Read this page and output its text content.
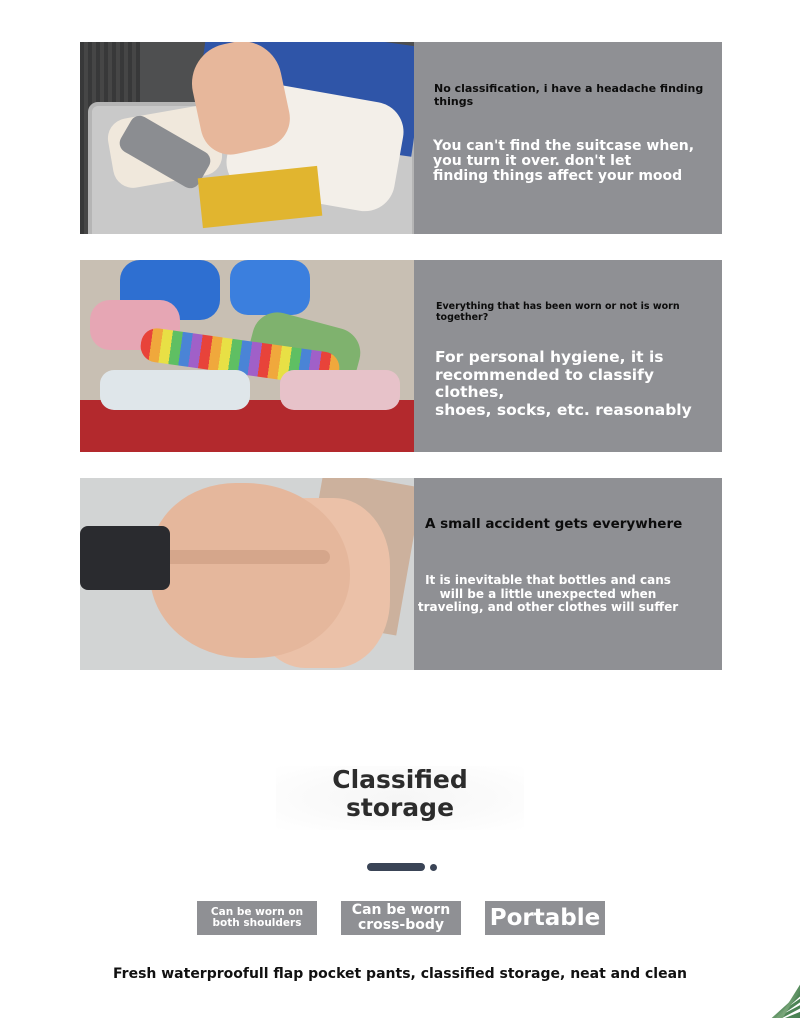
No classification, i have a headache finding things
You can't find the suitcase when,
you turn it over. don't let
finding things affect your mood
Everything that has been worn or not is worn together?
For personal hygiene, it is
recommended to classify clothes,
shoes, socks, etc. reasonably
A small accident gets everywhere
It is inevitable that bottles and cans
will be a little unexpected when
traveling, and other clothes will suffer
Classified
storage
Can be worn on
both shoulders
Can be worn
cross-body	Portable
Fresh waterproofull flap pocket pants, classified storage, neat and clean
